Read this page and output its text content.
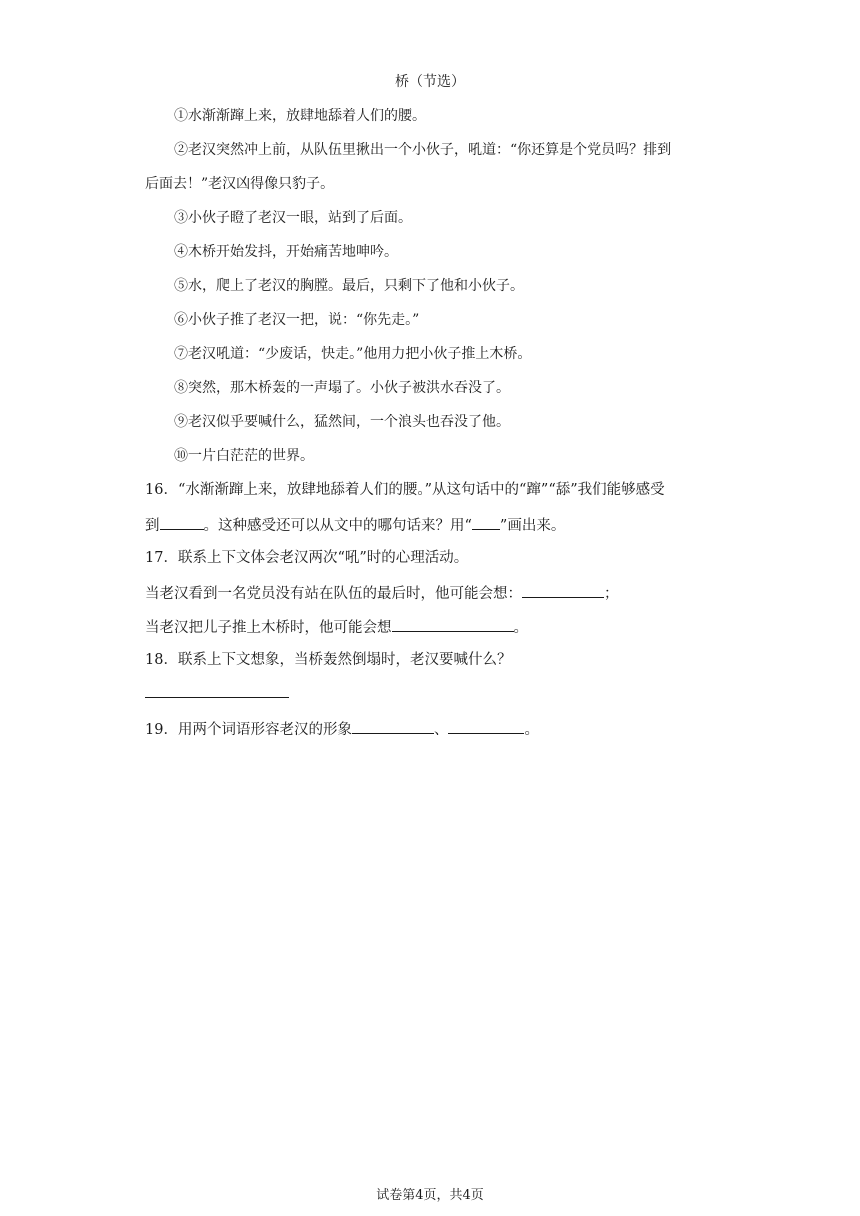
桥（节选）
①水渐渐蹿上来，放肆地舔着人们的腰。
②老汉突然冲上前，从队伍里揪出一个小伙子，吼道：“你还算是个党员吗？排到
后面去！”老汉凶得像只豹子。
③小伙子瞪了老汉一眼，站到了后面。
④木桥开始发抖，开始痛苦地呻吟。
⑤水，爬上了老汉的胸膛。最后，只剩下了他和小伙子。
⑥小伙子推了老汉一把，说：“你先走。”
⑦老汉吼道：“少废话，快走。”他用力把小伙子推上木桥。
⑧突然，那木桥轰的一声塌了。小伙子被洪水吞没了。
⑨老汉似乎要喊什么，猛然间，一个浪头也吞没了他。
⑩一片白茫茫的世界。
16．“水渐渐蹿上来，放肆地舔着人们的腰。”从这句话中的“蹿”“舔”我们能够感受
到	。这种感受还可以从文中的哪句话来？用“ ”画出来。
17．联系上下文体会老汉两次“吼”时的心理活动。
当老汉看到一名党员没有站在队伍的最后时，他可能会想：	；
当老汉把儿子推上木桥时，他可能会想	。
18．联系上下文想象，当桥轰然倒塌时，老汉要喊什么？
19．用两个词语形容老汉的形象	、	。
试卷第4页，共4页
